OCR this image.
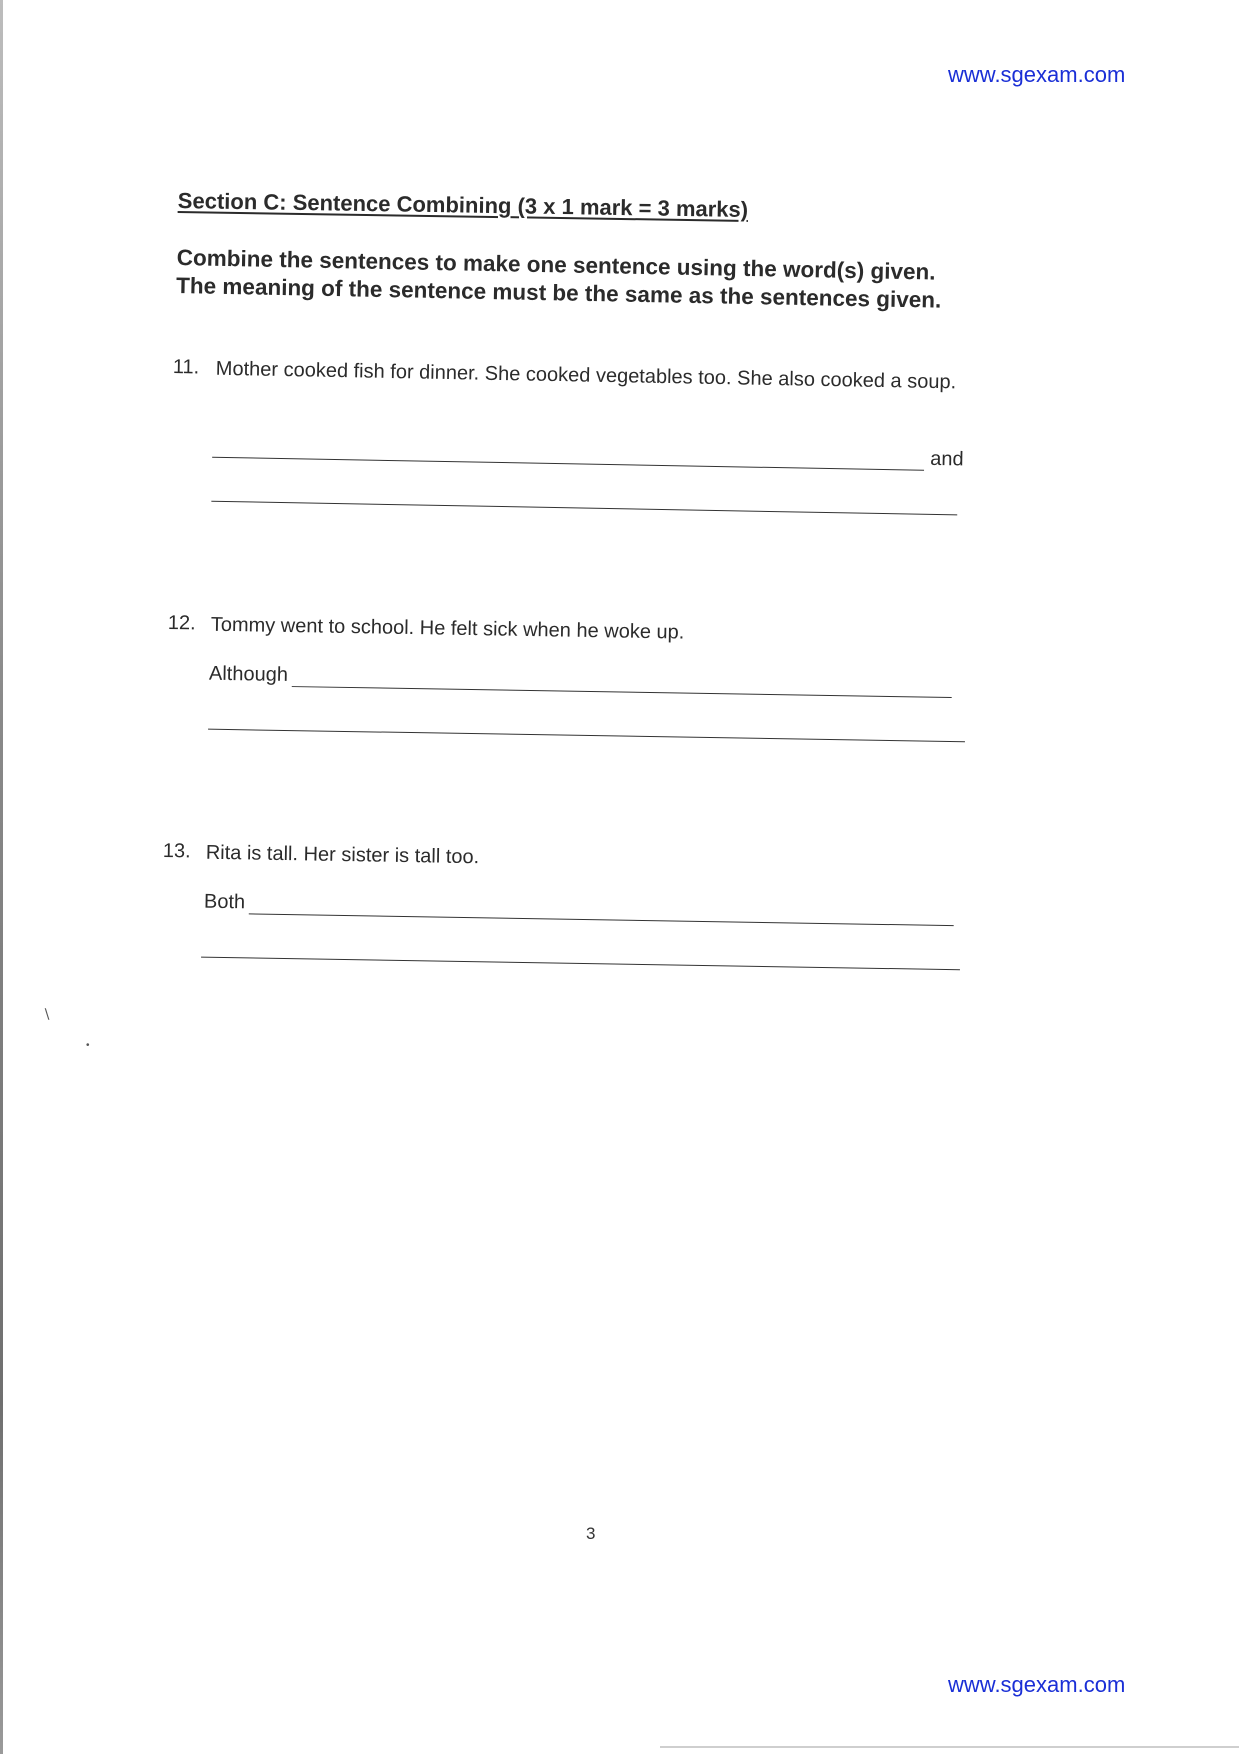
www.sgexam.com
Section C: Sentence Combining (3 x 1 mark = 3 marks)
Combine the sentences to make one sentence using the word(s) given.
The meaning of the sentence must be the same as the sentences given.
11. Mother cooked fish for dinner. She cooked vegetables too. She also cooked a soup.
and
12. Tommy went to school. He felt sick when he woke up.
Although
13. Rita is tall. Her sister is tall too.
Both
∖
•
3
www.sgexam.com
